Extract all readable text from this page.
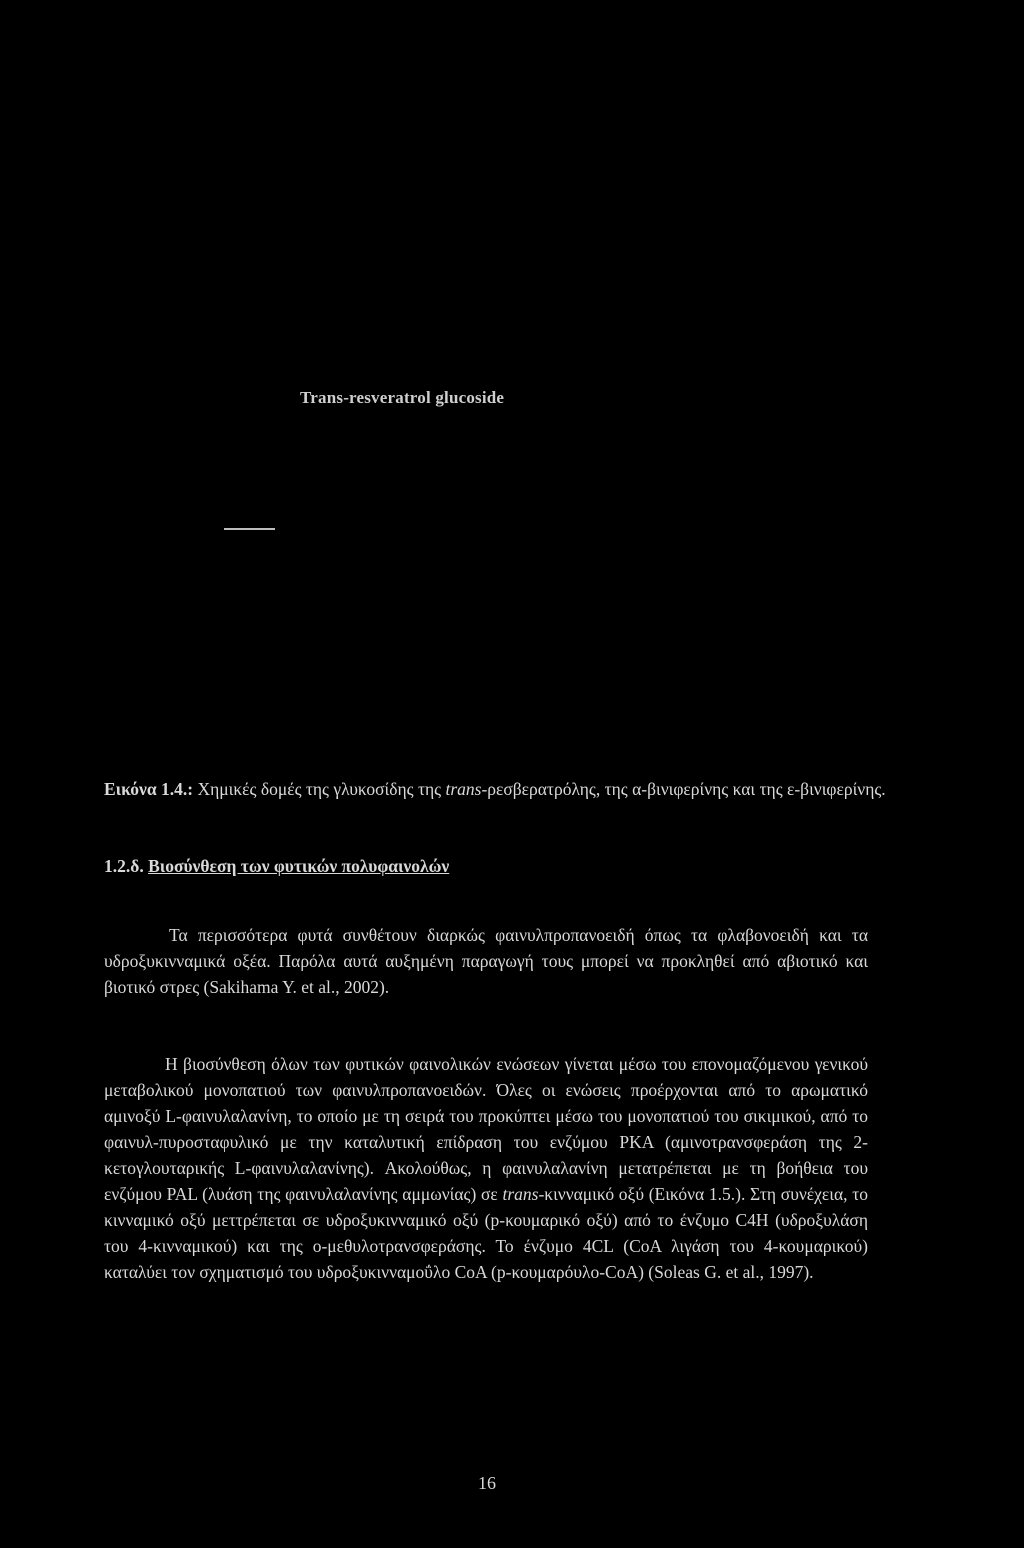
Trans-resveratrol glucoside
Εικόνα 1.4.: Χημικές δομές της γλυκοσίδης της trans-ρεσβερατρόλης, της α-βινιφερίνης και της ε-βινιφερίνης.
1.2.δ. Βιοσύνθεση των φυτικών πολυφαινολών
Τα περισσότερα φυτά συνθέτουν διαρκώς φαινυλπροπανοειδή όπως τα φλαβονοειδή και τα υδροξυκινναμικά οξέα. Παρόλα αυτά αυξημένη παραγωγή τους μπορεί να προκληθεί από αβιοτικό και βιοτικό στρες (Sakihama Y. et al., 2002).
Η βιοσύνθεση όλων των φυτικών φαινολικών ενώσεων γίνεται μέσω του επονομαζόμενου γενικού μεταβολικού μονοπατιού των φαινυλπροπανοειδών. Όλες οι ενώσεις προέρχονται από το αρωματικό αμινοξύ L-φαινυλαλανίνη, το οποίο με τη σειρά του προκύπτει μέσω του μονοπατιού του σικιμικού, από το φαινυλ-πυροσταφυλικό με την καταλυτική επίδραση του ενζύμου PKA (αμινοτρανσφεράση της 2-κετογλουταρικής L-φαινυλαλανίνης). Ακολούθως, η φαινυλαλανίνη μετατρέπεται με τη βοήθεια του ενζύμου PAL (λυάση της φαινυλαλανίνης αμμωνίας) σε trans-κινναμικό οξύ (Εικόνα 1.5.). Στη συνέχεια, το κινναμικό οξύ μεττρέπεται σε υδροξυκινναμικό οξύ (p-κουμαρικό οξύ) από το ένζυμο C4H (υδροξυλάση του 4-κινναμικού) και της ο-μεθυλοτρανσφεράσης. Το ένζυμο 4CL (CoA λιγάση του 4-κουμαρικού) καταλύει τον σχηματισμό του υδροξυκινναμοΰλο CoA (p-κουμαρόυλο-CoA) (Soleas G. et al., 1997).
16
